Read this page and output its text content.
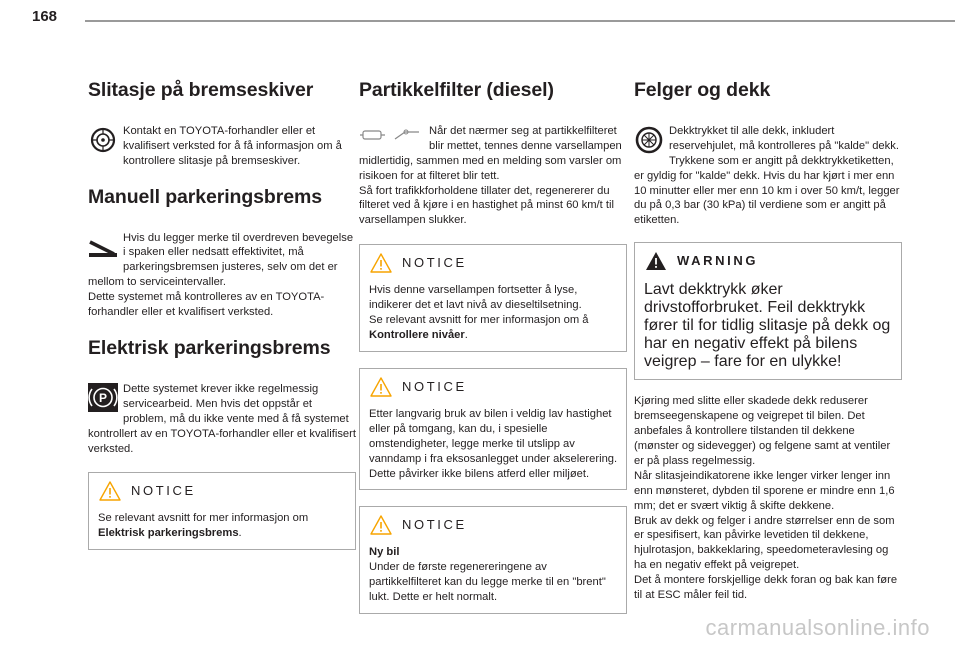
168
Slitasje på bremseskiver

Kontakt en TOYOTA-forhandler eller et kvalifisert verksted for å få informasjon om å kontrollere slitasje på bremseskiver.

Manuell parkeringsbrems

Hvis du legger merke til overdreven bevegelse i spaken eller nedsatt effektivitet, må parkeringsbremsen justeres, selv om det er mellom to serviceintervaller.
Dette systemet må kontrolleres av en TOYOTA-forhandler eller et kvalifisert verksted.

Elektrisk parkeringsbrems

P
Dette systemet krever ikke regelmessig servicearbeid. Men hvis det oppstår et problem, må du ikke vente med å få systemet kontrollert av en TOYOTA-forhandler eller et kvalifisert verksted.

NOTICE

Se relevant avsnitt for mer informasjon om Elektrisk parkeringsbrems.

Partikkelfilter (diesel)

Når det nærmer seg at partikkelfilteret blir mettet, tennes denne varsellampen midlertidig, sammen med en melding som varsler om risikoen for at filteret blir tett.
Så fort trafikkforholdene tillater det, regenererer du filteret ved å kjøre i en hastighet på minst 60 km/t til varsellampen slukker.

NOTICE

Hvis denne varsellampen fortsetter å lyse, indikerer det et lavt nivå av dieseltilsetning.
Se relevant avsnitt for mer informasjon om å Kontrollere nivåer.

NOTICE

Etter langvarig bruk av bilen i veldig lav hastighet eller på tomgang, kan du, i spesielle omstendigheter, legge merke til utslipp av vanndamp i fra eksosanlegget under akselerering. Dette påvirker ikke bilens atferd eller miljøet.

NOTICE

Ny bil
Under de første regenereringene av partikkelfilteret kan du legge merke til en "brent" lukt. Dette er helt normalt.

Felger og dekk

Dekktrykket til alle dekk, inkludert reservehjulet, må kontrolleres på "kalde" dekk.
Trykkene som er angitt på dekktrykketiketten, er gyldig for "kalde" dekk. Hvis du har kjørt i mer enn 10 minutter eller mer enn 10 km i over 50 km/t, legger du på 0,3 bar (30 kPa) til verdiene som er angitt på etiketten.

WARNING

Lavt dekktrykk øker drivstofforbruket. Feil dekktrykk fører til for tidlig slitasje på dekk og har en negativ effekt på bilens veigrep – fare for en ulykke!

Kjøring med slitte eller skadede dekk reduserer bremseegenskapene og veigrepet til bilen. Det anbefales å kontrollere tilstanden til dekkene (mønster og sidevegger) og felgene samt at ventiler er på plass regelmessig.
Når slitasjeindikatorene ikke lenger virker lenger inn enn mønsteret, dybden til sporene er mindre enn 1,6 mm; det er svært viktig å skifte dekkene.
Bruk av dekk og felger i andre størrelser enn de som er spesifisert, kan påvirke levetiden til dekkene, hjulrotasjon, bakkeklaring, speedometeravlesing og ha en negativ effekt på veigrepet.
Det å montere forskjellige dekk foran og bak kan føre til at ESC måler feil tid.

carmanualsonline.info
